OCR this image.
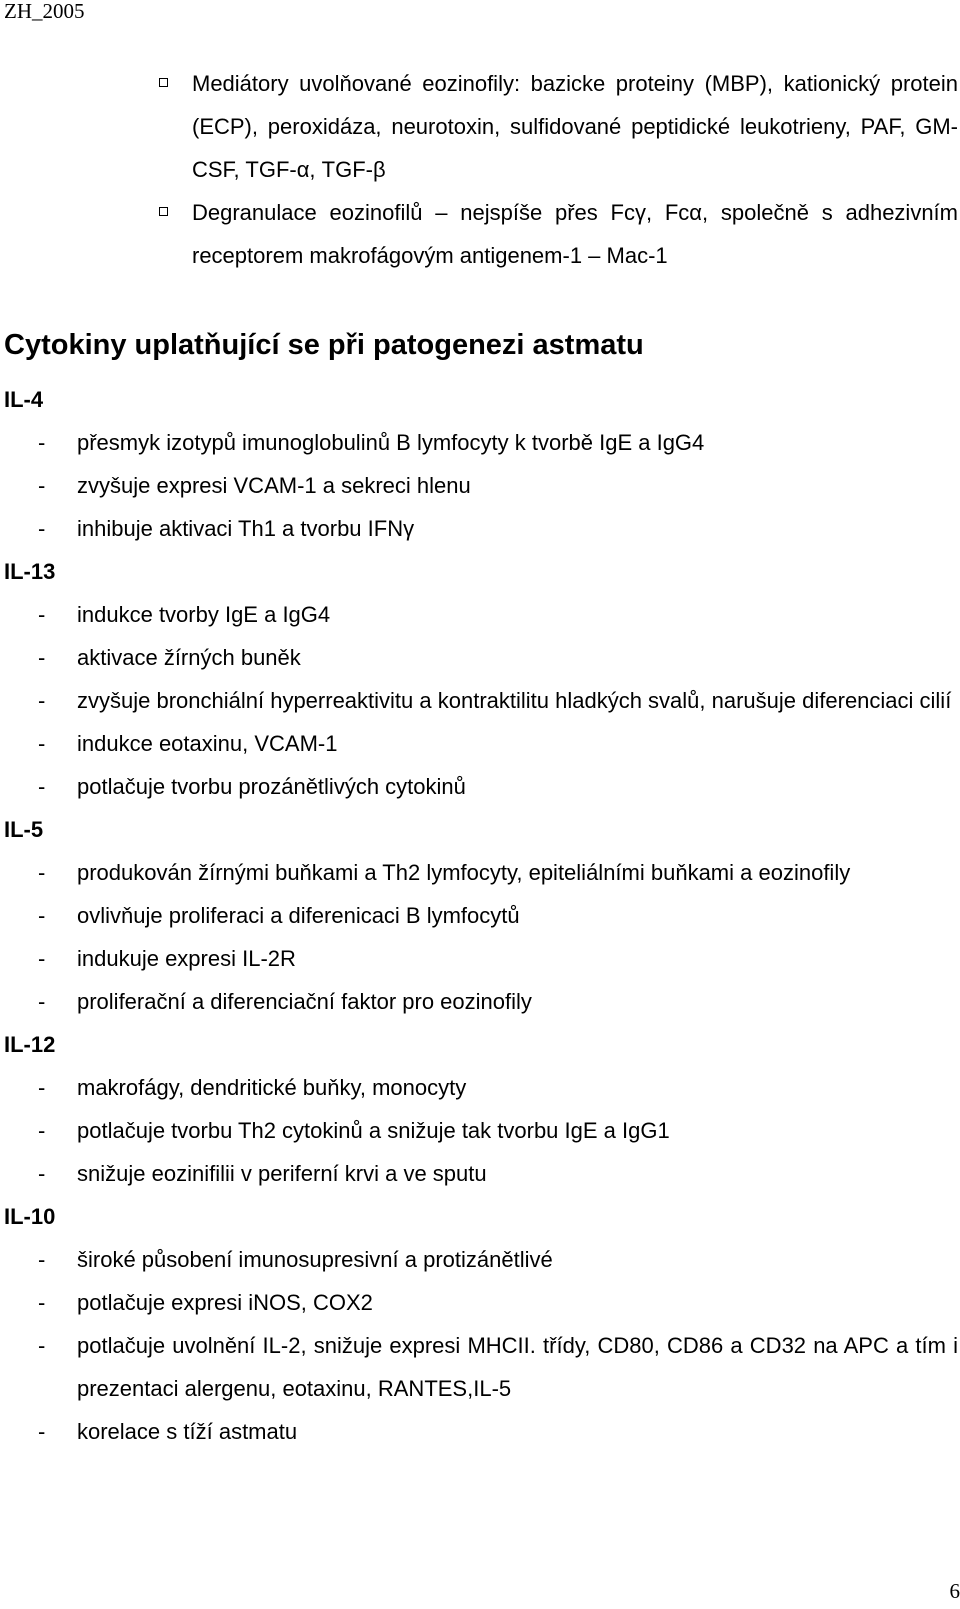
ZH_2005
Mediátory uvolňované eozinofily: bazicke proteiny (MBP), kationický protein (ECP), peroxidáza, neurotoxin, sulfidované peptidické leukotrieny, PAF, GM-CSF, TGF-α, TGF-β
Degranulace eozinofilů – nejspíše přes Fcγ, Fcα, společně s adhezivním receptorem makrofágovým antigenem-1 – Mac-1
Cytokiny uplatňující se při patogenezi astmatu
IL-4
- přesmyk izotypů imunoglobulinů B lymfocyty k tvorbě IgE a IgG4
- zvyšuje expresi VCAM-1 a sekreci hlenu
- inhibuje aktivaci Th1 a tvorbu IFNγ
IL-13
- indukce tvorby IgE a IgG4
- aktivace žírných buněk
- zvyšuje bronchiální hyperreaktivitu a kontraktilitu hladkých svalů, narušuje diferenciaci cilií
- indukce eotaxinu, VCAM-1
- potlačuje tvorbu prozánětlivých cytokinů
IL-5
- produkován žírnými buňkami a Th2 lymfocyty, epiteliálními buňkami a eozinofily
- ovlivňuje proliferaci a diferenicaci B lymfocytů
- indukuje expresi IL-2R
- proliferační a diferenciační faktor pro eozinofily
IL-12
- makrofágy, dendritické buňky, monocyty
- potlačuje tvorbu Th2 cytokinů a snižuje tak tvorbu IgE a IgG1
- snižuje eozinifilii v periferní krvi a ve sputu
IL-10
- široké působení imunosupresivní a protizánětlivé
- potlačuje expresi iNOS, COX2
- potlačuje uvolnění IL-2, snižuje expresi MHCII. třídy, CD80, CD86 a CD32 na APC a tím i prezentaci alergenu, eotaxinu, RANTES,IL-5
- korelace s tíží astmatu
6
